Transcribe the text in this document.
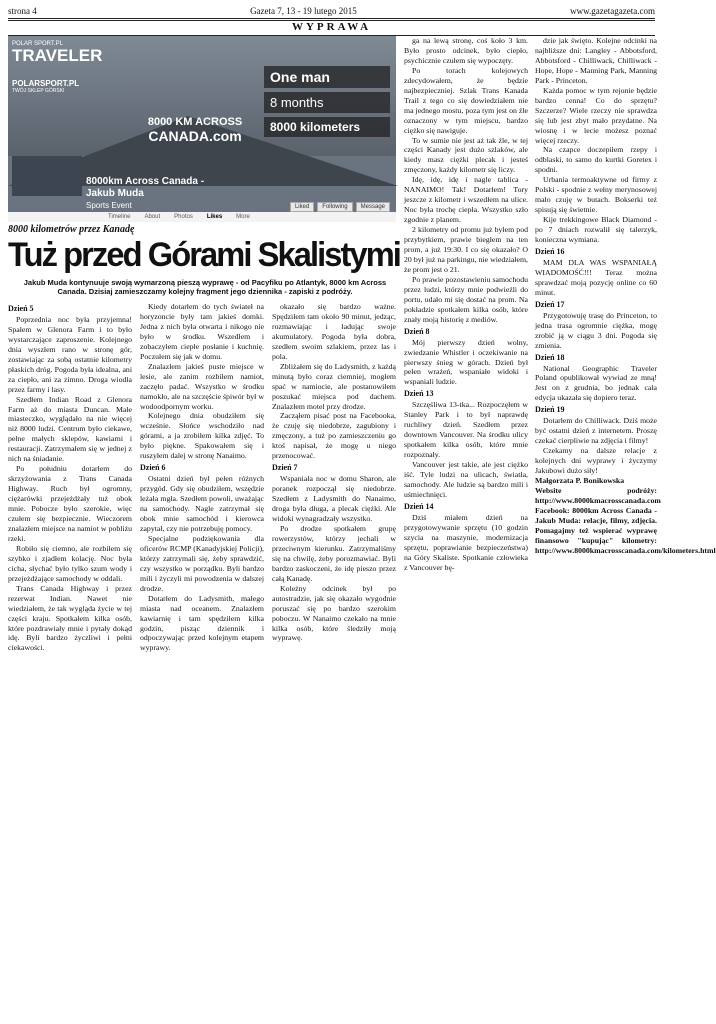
strona 4	Gazeta 7, 13 - 19 lutego 2015	www.gazetagazeta.com
WYPRAWA
POLAR SPORT.PL
TRAVELER
POLARSPORT.PL
TWÓJ SKLEP GÓRSKI
8000 KM ACROSS
CANADA.com
One man
8 months
8000 kilometers
8000km Across Canada -
Jakub Muda
Sports Event	Liked	Following	Message
Timeline About Photos Likes More
8000 kilometrów przez Kanadę
Tuż przed Górami Skalistymi
Jakub Muda kontynuuje swoją wymarzoną pieszą wyprawę - od Pacyfiku po Atlantyk, 8000 km Across Canada. Dzisiaj zamieszczamy kolejny fragment jego dziennika - zapiski z podróży.
Dzień 5

Poprzednia noc była przyjemna! Spałem w Glenora Farm i to było wystarczające zaproszenie. Kolejnego dnia wyszłem rano w stronę gór, zostawiając za sobą ostatnie kilometry płaskich dróg. Pogoda była idealna, ani za ciepło, ani za zimno. Droga wiodła przez farmy i lasy.

Szedłem Indian Road z Glenora Farm aż do miasta Duncan. Małe miasteczko, wyglądało na nie więcej niż 8000 ludzi. Centrum było ciekawe, pełne małych sklepów, kawiarni i restauracji. Zatrzymałem się w jednej z nich na śniadanie.

Po południu dotarłem do skrzyżowania z Trans Canada Highway. Ruch był ogromny, ciężarówki przejeżdżały tuż obok mnie. Pobocze było szerokie, więc czułem się bezpiecznie. Wieczorem znalazłem miejsce na namiot w pobliżu rzeki.

Robiło się ciemno, ale rozbiłem się szybko i zjadłem kolację. Noc była cicha, słychać było tylko szum wody i przejeżdżające samochody w oddali.

Trans Canada Highway i przez rezerwat Indian. Nawet nie wiedziałem, że tak wygląda życie w tej części kraju. Spotkałem kilka osób, które pozdrawiały mnie i pytały dokąd idę. Byli bardzo życzliwi i pełni ciekawości.

Kiedy dotarłem do tych świateł na horyzoncie były tam jakieś domki. Jedna z nich była otwarta i nikogo nie było w środku. Wszedłem i zobaczyłem ciepłe posłanie i kuchnię. Poczułem się jak w domu.

Znalazłem jakieś puste miejsce w lesie, ale zanim rozbiłem namiot, zaczęło padać. Wszystko w środku namokło, ale na szczęście śpiwór był w wodoodpornym worku.

Kolejnego dnia obudziłem się wcześnie. Słońce wschodziło nad górami, a ja zrobiłem kilka zdjęć. To było piękne. Spakowałem się i ruszyłem dalej w stronę Nanaimo.

Dzień 6

Ostatni dzień był pełen różnych przygód. Gdy się obudziłem, wszędzie leżała mgła. Szedłem powoli, uważając na samochody. Nagle zatrzymał się obok mnie samochód i kierowca zapytał, czy nie potrzebuję pomocy.

Specjalne podziękowania dla oficerów RCMP (Kanadyjskiej Policji), którzy zatrzymali się, żeby sprawdzić, czy wszystko w porządku. Byli bardzo mili i życzyli mi powodzenia w dalszej drodze.

Dotarłem do Ladysmith, małego miasta nad oceanem. Znalazłem kawiarnię i tam spędziłem kilka godzin, pisząc dziennik i odpoczywając przed kolejnym etapem wyprawy.

okazało się bardzo ważne. Spędziłem tam około 90 minut, jedząc, rozmawiając i ładując swoje akumulatory. Pogoda była dobra, szedłem swoim szlakiem, przez las i pola.

Zbliżałem się do Ladysmith, z każdą minutą było coraz ciemniej, mogłem spać w namiocie, ale postanowiłem poszukać miejsca pod dachem. Znalazłem motel przy drodze.

Zacząłem pisać post na Facebooka, że czuję się niedobrze, zagubiony i zmęczony, a tuż po zamieszczeniu go ktoś napisał, że mogę u niego przenocować.

Dzień 7

Wspaniała noc w domu Sharon, ale poranek rozpoczął się niedobrze. Szedłem z Ladysmith do Nanaimo, droga była długa, a plecak ciężki. Ale widoki wynagradzały wszystko.

Po drodze spotkałem grupę rowerzystów, którzy jechali w przeciwnym kierunku. Zatrzymaliśmy się na chwilę, żeby porozmawiać. Byli bardzo zaskoczeni, że idę pieszo przez całą Kanadę.

Koleżny odcinek był po autostradzie, jak się okazało wygodnie poruszać się po bardzo szerokim poboczu. W Nanaimo czekało na mnie kilka osób, które śledziły moją wyprawę.

ga na lewą stronę, coś koło 3 km. Było prosto odcinek, było ciepło, psychicznie czułem się wypoczęty.

Po torach kolejowych zdecydowałem, że będzie najbezpieczniej. Szlak Trans Kanada Trail z tego co się dowiedziałem nie ma jednego mostu, poza tym jest on źle oznaczony w tym miejscu, bardzo ciężko się nawiguje.

To w sumie nie jest aż tak źle, w tej części Kanady jest dużo szlaków, ale kiedy masz ciężki plecak i jesteś zmęczony, każdy kilometr się liczy.

Idę, idę, idę i nagle tablica - NANAIMO! Tak! Dotarłem! Tory jeszcze z kilometr i wszedłem na ulice. Noc była trochę ciepła. Wszystko szło zgodnie z planem.

2 kilometry od promu już byłem pod przybytkiem, prawie biegłem na ten prom, a już 19:30. I co się okazało? O 20 był już na parkingu, nie wiedziałem, że prom jest o 21.

Po prawie pozostawieniu samochodu przez ludzi, którzy mnie podwieźli do portu, udało mi się dostać na prom. Na pokładzie spotkałem kilka osób, które znały moją historię z mediów.

Dzień 8

Mój pierwszy dzień wolny, zwiedzanie Whistler i oczekiwanie na pierwszy śnieg w górach. Dzień był pełen wrażeń, wspaniałe widoki i wspaniali ludzie.

Dzień 13

Szczęśliwa 13-tka... Rozpoczęłem w Stanley Park i to był naprawdę ruchliwy dzień. Szedłem przez downtown Vancouver. Na środku ulicy spotkałem kilka osób, które mnie rozpoznały.

Vancouver jest takie, ale jest ciężko iść. Tyle ludzi na ulicach, światła, samochody. Ale ludzie są bardzo mili i uśmiechnięci.

Dzień 14

Dziś miałem dzień na przygotowywanie sprzętu (10 godzin szycia na maszynie, modernizacja sprzętu, poprawianie bezpieczeństwa) na Góry Skaliste. Spotkanie człowieka z Vancouver bę-

dzie jak święto. Kolejne odcinki na najbliższe dni: Langley - Abbotsford, Abbotsford - Chilliwack, Chilliwack - Hope, Hope - Manning Park, Manning Park - Princeton.

Każda pomoc w tym rejonie będzie bardzo cenna! Co do sprzętu? Szczerze? Wiele rzeczy nie sprawdza się lub jest zbyt mało przydatne. Na wiosnę i w lecie możesz poznać więcej rzeczy.

Na czapce doczepiłem rzepy i odblaski, to samo do kurtki Goretex i spodni.

Urbania termoaktywne od firmy z Polski - spodnie z wełny merynosowej mało czuję w butach. Bokserki też spisują się świetnie.

Kije trekkingowe Black Diamond - po 7 dniach rozwalił się talerzyk, konieczna wymiana.

Dzień 16

MAM DLA WAS WSPANIAŁĄ WIADOMOŚĆ!!! Teraz można sprawdzać moją pozycję online co 60 minut.

Dzień 17

Przygotowuję trasę do Princeton, to jedna trasa ogromnie ciężka, mogę zrobić ją w ciągu 3 dni. Pogoda się zmienia.

Dzień 18

National Geographic Traveler Poland opublikował wywiad ze mną! Jest on z grudnia, bo jednak cała edycja ukazała się dopiero teraz.

Dzień 19

Dotarłem do Chilliwack. Dziś może być ostatni dzień z internetem. Proszę czekać cierpliwie na zdjęcia i filmy!

Czekamy na dalsze relacje z kolejnych dni wyprawy i życzymy Jakubowi dużo siły!

Małgorzata P. Bonikowska

Website podróży: http://www.8000kmacrosscanada.com Facebook: 8000km Across Canada - Jakub Muda: relacje, filmy, zdjęcia. Pomagajmy też wspierać wyprawę finansowo "kupując" kilometry: http://www.8000kmacrosscanada.com/kilometers.html
